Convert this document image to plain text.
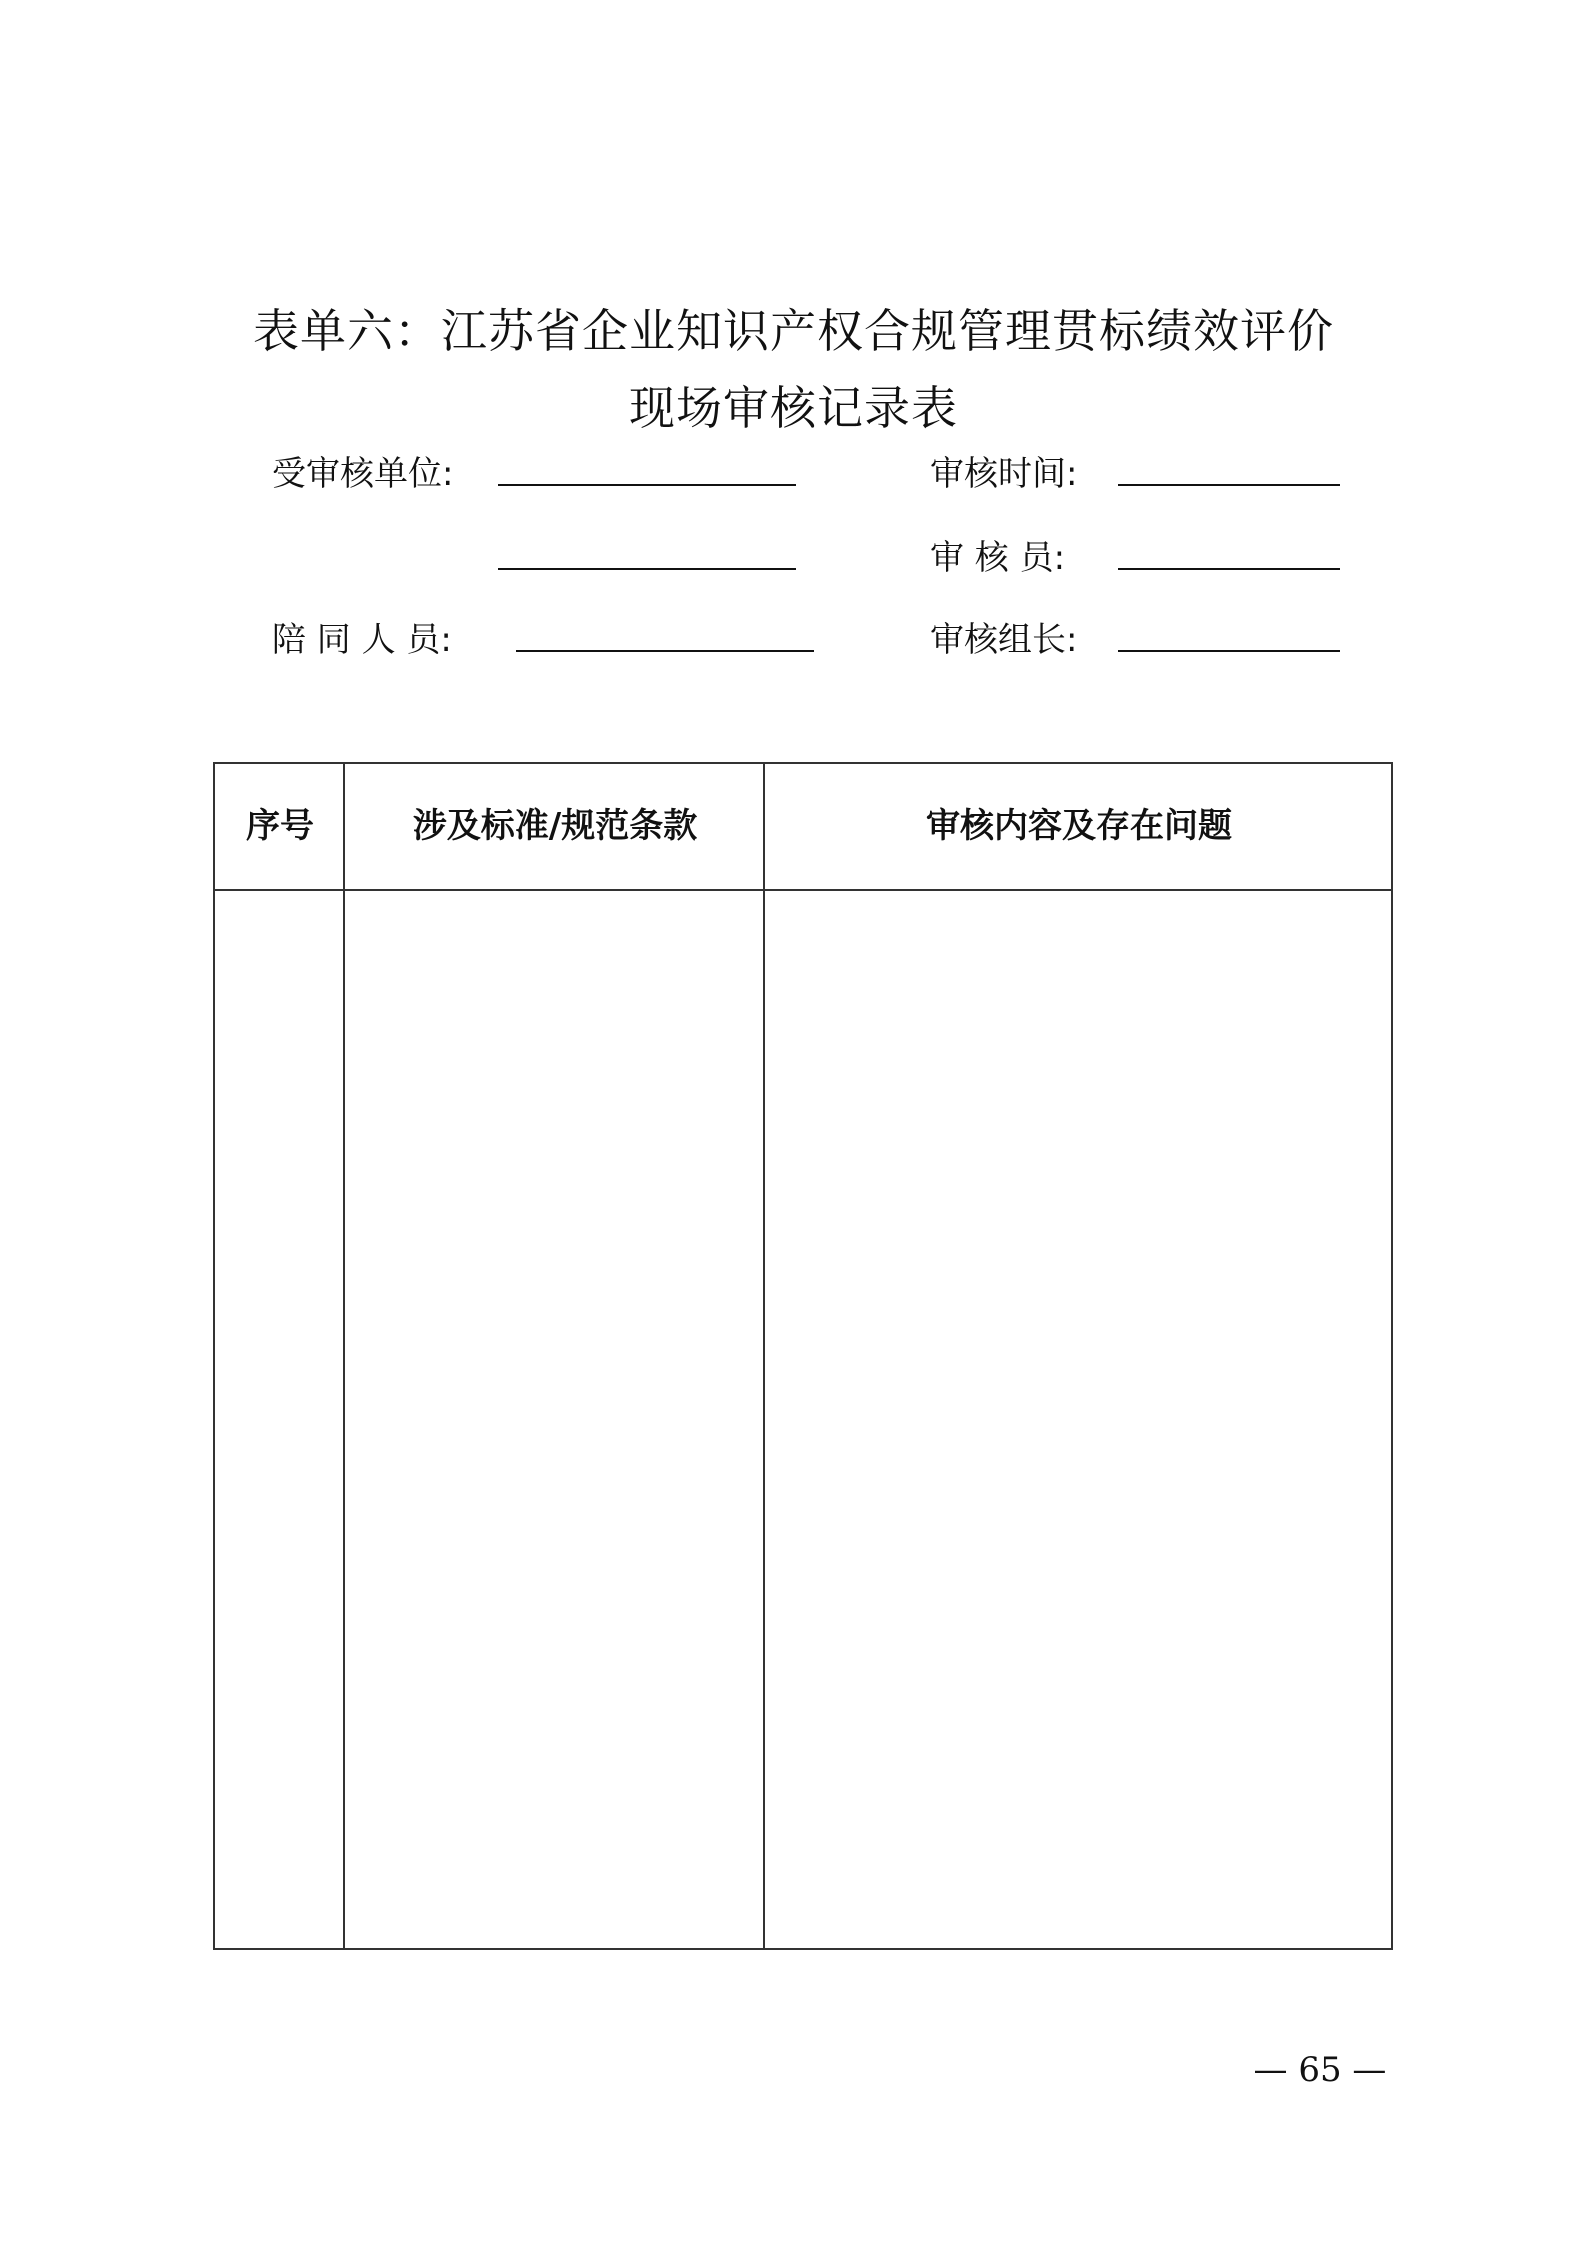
表单六：江苏省企业知识产权合规管理贯标绩效评价
现场审核记录表
受审核单位:	审核时间:
审 核 员:
陪 同 人 员:	审核组长:
序号	涉及标准/规范条款	审核内容及存在问题
— 65 —
